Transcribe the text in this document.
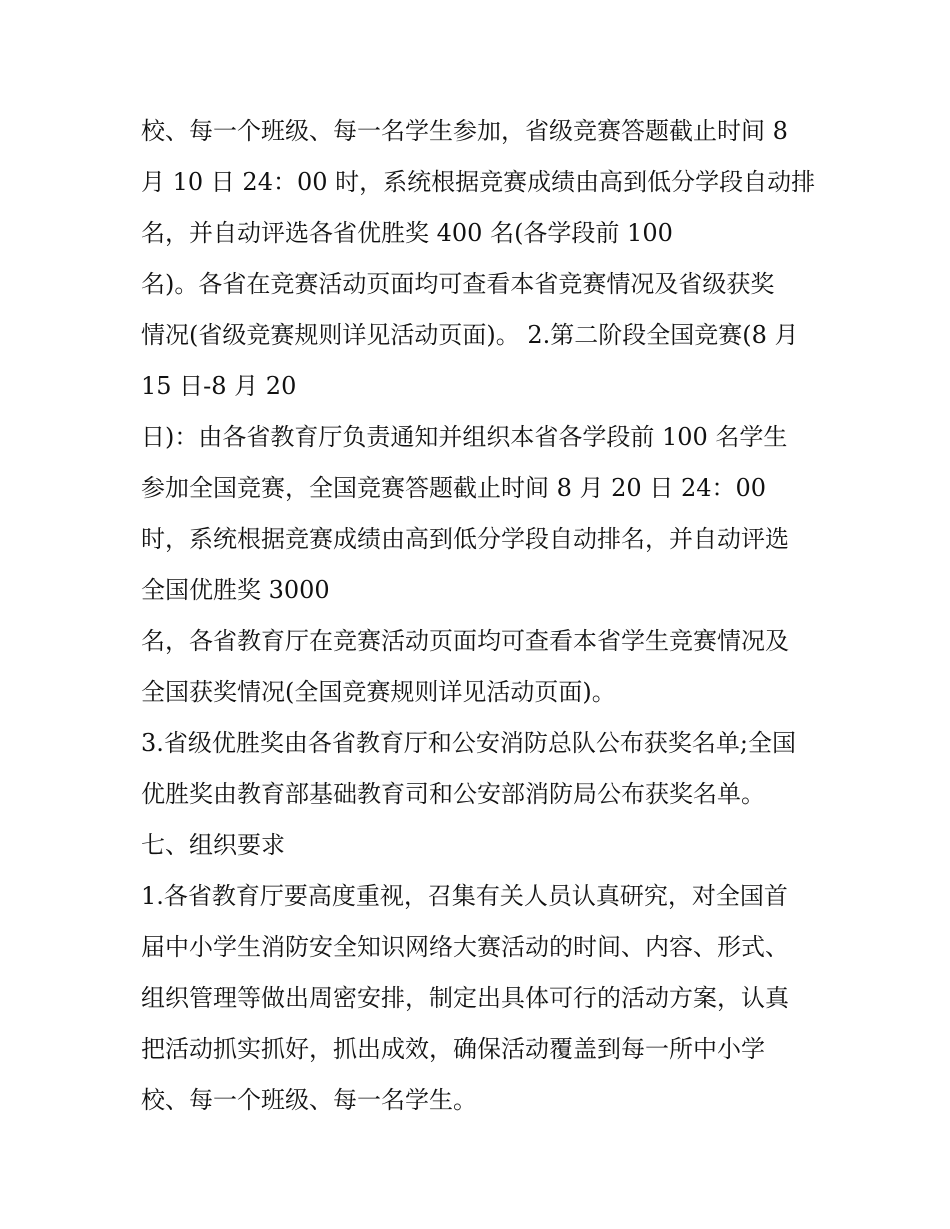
校、每一个班级、每一名学生参加，省级竞赛答题截止时间 8
月 10 日 24：00 时，系统根据竞赛成绩由高到低分学段自动排
名，并自动评选各省优胜奖 400 名(各学段前 100
名)。各省在竞赛活动页面均可查看本省竞赛情况及省级获奖
情况(省级竞赛规则详见活动页面)。 2.第二阶段全国竞赛(8 月
15 日-8 月 20
日)：由各省教育厅负责通知并组织本省各学段前 100 名学生
参加全国竞赛，全国竞赛答题截止时间 8 月 20 日 24：00
时，系统根据竞赛成绩由高到低分学段自动排名，并自动评选
全国优胜奖 3000
名，各省教育厅在竞赛活动页面均可查看本省学生竞赛情况及
全国获奖情况(全国竞赛规则详见活动页面)。
3.省级优胜奖由各省教育厅和公安消防总队公布获奖名单;全国
优胜奖由教育部基础教育司和公安部消防局公布获奖名单。
七、组织要求
1.各省教育厅要高度重视，召集有关人员认真研究，对全国首
届中小学生消防安全知识网络大赛活动的时间、内容、形式、
组织管理等做出周密安排，制定出具体可行的活动方案，认真
把活动抓实抓好，抓出成效，确保活动覆盖到每一所中小学
校、每一个班级、每一名学生。
